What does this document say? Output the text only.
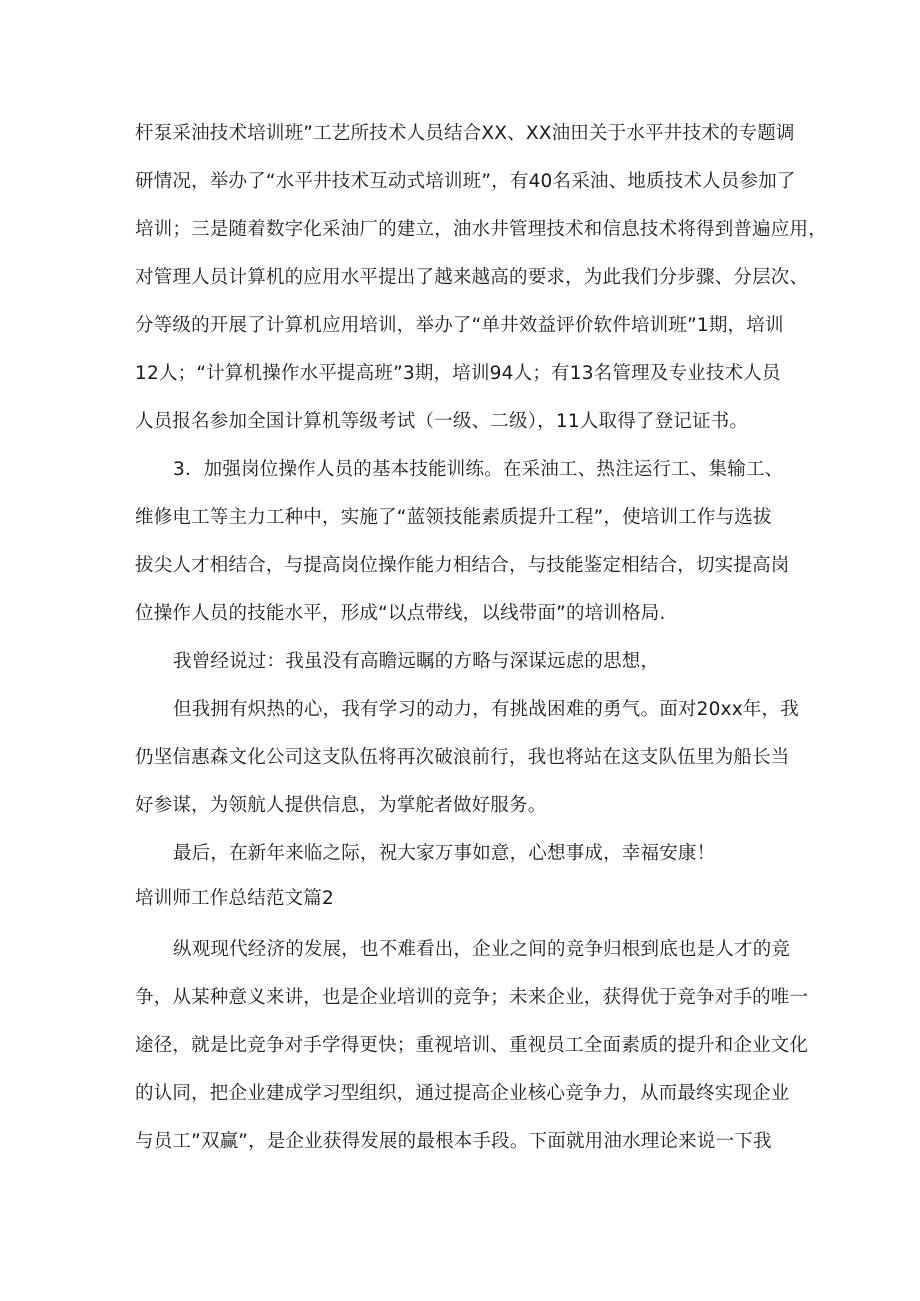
杆泵采油技术培训班”工艺所技术人员结合XX、XX油田关于水平井技术的专题调
研情况，举办了“水平井技术互动式培训班”，有40名采油、地质技术人员参加了
培训；三是随着数字化采油厂的建立，油水井管理技术和信息技术将得到普遍应用，
对管理人员计算机的应用水平提出了越来越高的要求，为此我们分步骤、分层次、
分等级的开展了计算机应用培训，举办了“单井效益评价软件培训班”1期，培训
12人；“计算机操作水平提高班”3期，培训94人；有13名管理及专业技术人员
人员报名参加全国计算机等级考试（一级、二级），11人取得了登记证书。
3．加强岗位操作人员的基本技能训练。在采油工、热注运行工、集输工、
维修电工等主力工种中，实施了“蓝领技能素质提升工程”，使培训工作与选拔
拔尖人才相结合，与提高岗位操作能力相结合，与技能鉴定相结合，切实提高岗
位操作人员的技能水平，形成“以点带线，以线带面”的培训格局.
我曾经说过：我虽没有高瞻远瞩的方略与深谋远虑的思想，
但我拥有炽热的心，我有学习的动力，有挑战困难的勇气。面对20xx年，我
仍坚信惠森文化公司这支队伍将再次破浪前行，我也将站在这支队伍里为船长当
好参谋，为领航人提供信息，为掌舵者做好服务。
最后，在新年来临之际，祝大家万事如意，心想事成，幸福安康！
培训师工作总结范文篇2
纵观现代经济的发展，也不难看出，企业之间的竞争归根到底也是人才的竞
争，从某种意义来讲，也是企业培训的竞争；未来企业，获得优于竞争对手的唯一
途径，就是比竞争对手学得更快；重视培训、重视员工全面素质的提升和企业文化
的认同，把企业建成学习型组织，通过提高企业核心竞争力，从而最终实现企业
与员工”双赢”，是企业获得发展的最根本手段。下面就用油水理论来说一下我
